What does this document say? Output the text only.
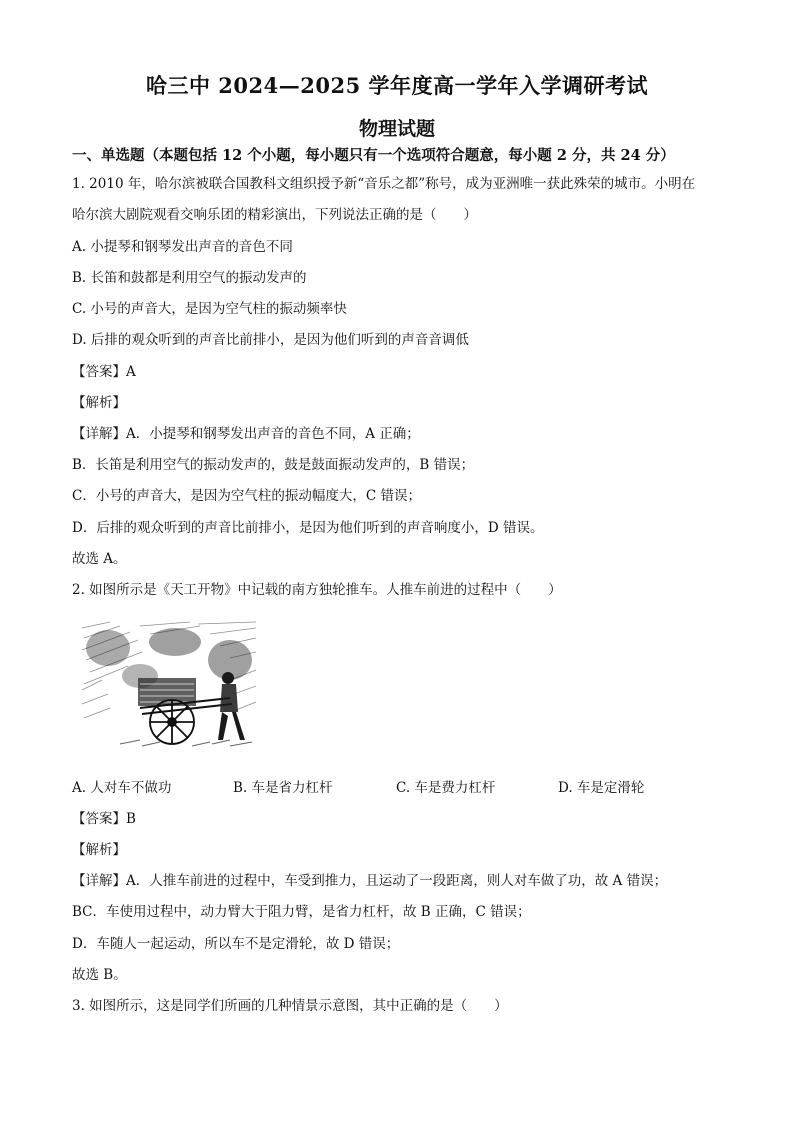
哈三中 2024—2025 学年度高一学年入学调研考试
物理试题
一、单选题（本题包括 12 个小题，每小题只有一个选项符合题意，每小题 2 分，共 24 分）
1. 2010 年，哈尔滨被联合国教科文组织授予新“音乐之都”称号，成为亚洲唯一获此殊荣的城市。小明在
哈尔滨大剧院观看交响乐团的精彩演出，下列说法正确的是（　　）
A. 小提琴和钢琴发出声音的音色不同
B. 长笛和鼓都是利用空气的振动发声的
C. 小号的声音大，是因为空气柱的振动频率快
D. 后排的观众听到的声音比前排小，是因为他们听到的声音音调低
【答案】A
【解析】
【详解】A．小提琴和钢琴发出声音的音色不同，A 正确；
B．长笛是利用空气的振动发声的，鼓是鼓面振动发声的，B 错误；
C．小号的声音大，是因为空气柱的振动幅度大，C 错误；
D．后排的观众听到的声音比前排小，是因为他们听到的声音响度小，D 错误。
故选 A。
2. 如图所示是《天工开物》中记载的南方独轮推车。人推车前进的过程中（　　）
A. 人对车不做功	B. 车是省力杠杆	C. 车是费力杠杆	D. 车是定滑轮
【答案】B
【解析】
【详解】A．人推车前进的过程中，车受到推力，且运动了一段距离，则人对车做了功，故 A 错误；
BC．车使用过程中，动力臂大于阻力臂，是省力杠杆，故 B 正确，C 错误；
D．车随人一起运动，所以车不是定滑轮，故 D 错误；
故选 B。
3. 如图所示，这是同学们所画的几种情景示意图，其中正确的是（　　）
